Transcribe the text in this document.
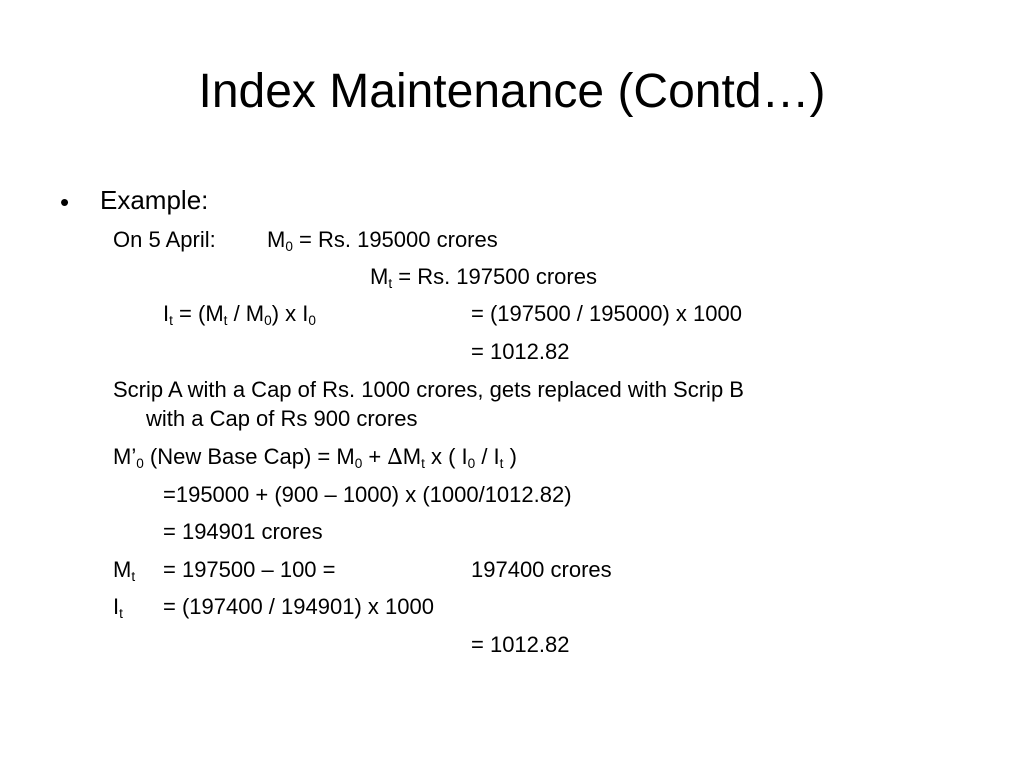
Index Maintenance (Contd…)
• Example:
On 5 April: $M_0 = Rs$. 195000 crores
$M_t = Rs$. 197500 crores
$I_t = (M_t / M_0)$ x $I_0$	= (197500 / 195000) x 1000
= 1012.82
Scrip A with a Cap of Rs. 1000 crores, gets replaced with Scrip B
with a Cap of Rs 900 crores
$M’_0$ (New Base $Cap) = M_0 + \Delta M_t$ x ( $I_0 / I_t$ )
=195000 + (900 – 1000) x (1000/1012.82)
= 194901 crores
$M_t = 197500 - 100$ =	197400 crores
$I_t = (197400 / 194901)$ x 1000
= 1012.82
